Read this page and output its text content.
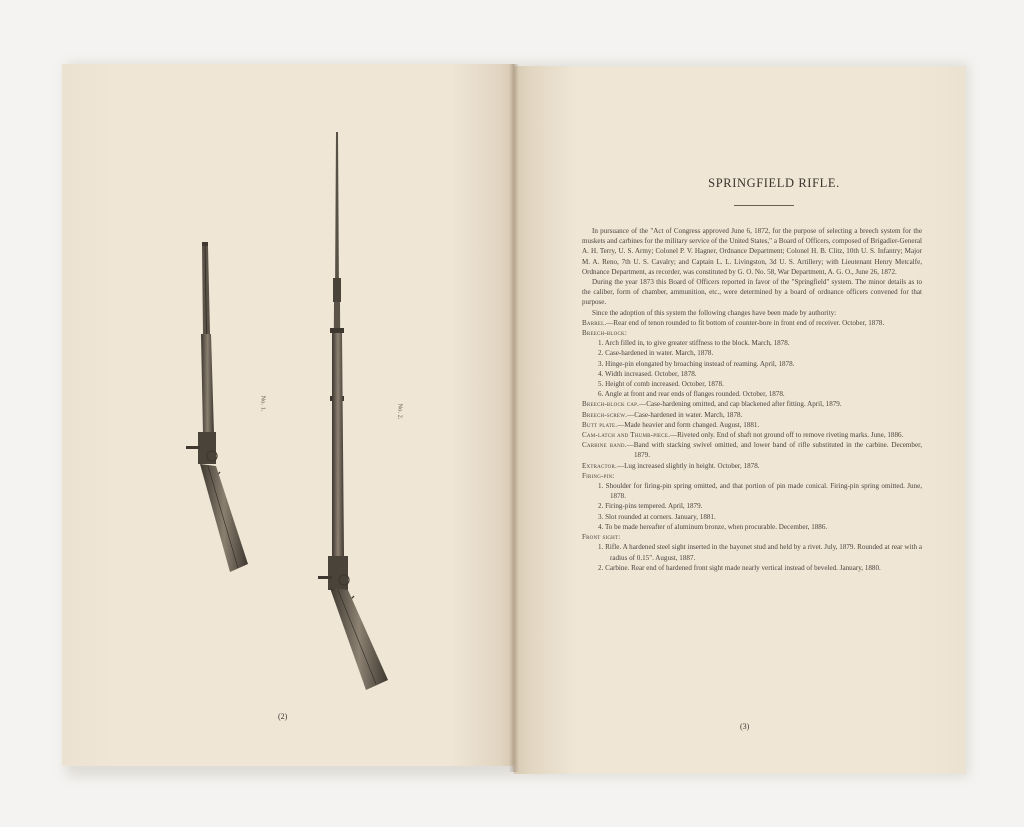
No. 1.	No. 2.
(2)
SPRINGFIELD RIFLE.

In pursuance of the "Act of Congress approved June 6, 1872, for the purpose of selecting a breech system for the muskets and carbines for the military service of the United States," a Board of Officers, composed of Brigadier-General A. H. Terry, U. S. Army; Colonel P. V. Hagner, Ordnance Department; Colonel H. B. Clitz, 10th U. S. Infantry; Major M. A. Reno, 7th U. S. Cavalry; and Captain L. L. Livingston, 3d U. S. Artillery; with Lieutenant Henry Metcalfe, Ordnance Department, as recorder, was constituted by G. O. No. 58, War Department, A. G. O., June 26, 1872.

During the year 1873 this Board of Officers reported in favor of the "Springfield" system. The minor details as to the caliber, form of chamber, ammunition, etc., were determined by a board of ordnance officers convened for that purpose.

Since the adoption of this system the following changes have been made by authority:

Barrel.—Rear end of tenon rounded to fit bottom of counter-bore in front end of receiver. October, 1878.
Breech-block:
1. Arch filled in, to give greater stiffness to the block. March, 1878.
2. Case-hardened in water. March, 1878.
3. Hinge-pin elongated by broaching instead of reaming. April, 1878.
4. Width increased. October, 1878.
5. Height of comb increased. October, 1878.
6. Angle at front and rear ends of flanges rounded. October, 1878.
Breech-block cap.—Case-hardening omitted, and cap blackened after fitting. April, 1879.
Breech-screw.—Case-hardened in water. March, 1878.
Butt plate.—Made heavier and form changed. August, 1881.
Cam-latch and Thumb-piece.—Riveted only. End of shaft not ground off to remove riveting marks. June, 1886.
Carbine band.—Band with stacking swivel omitted, and lower band of rifle substituted in the carbine. December, 1879.
Extractor.—Lug increased slightly in height. October, 1878.
Firing-pin:
1. Shoulder for firing-pin spring omitted, and that portion of pin made conical. Firing-pin spring omitted. June, 1878.
2. Firing-pins tempered. April, 1879.
3. Slot rounded at corners. January, 1881.
4. To be made hereafter of aluminum bronze, when procurable. December, 1886.
Front sight:
1. Rifle. A hardened steel sight inserted in the bayonet stud and held by a rivet. July, 1879. Rounded at rear with a radius of 0.15". August, 1887.
2. Carbine. Rear end of hardened front sight made nearly vertical instead of beveled. January, 1880.
(3)
